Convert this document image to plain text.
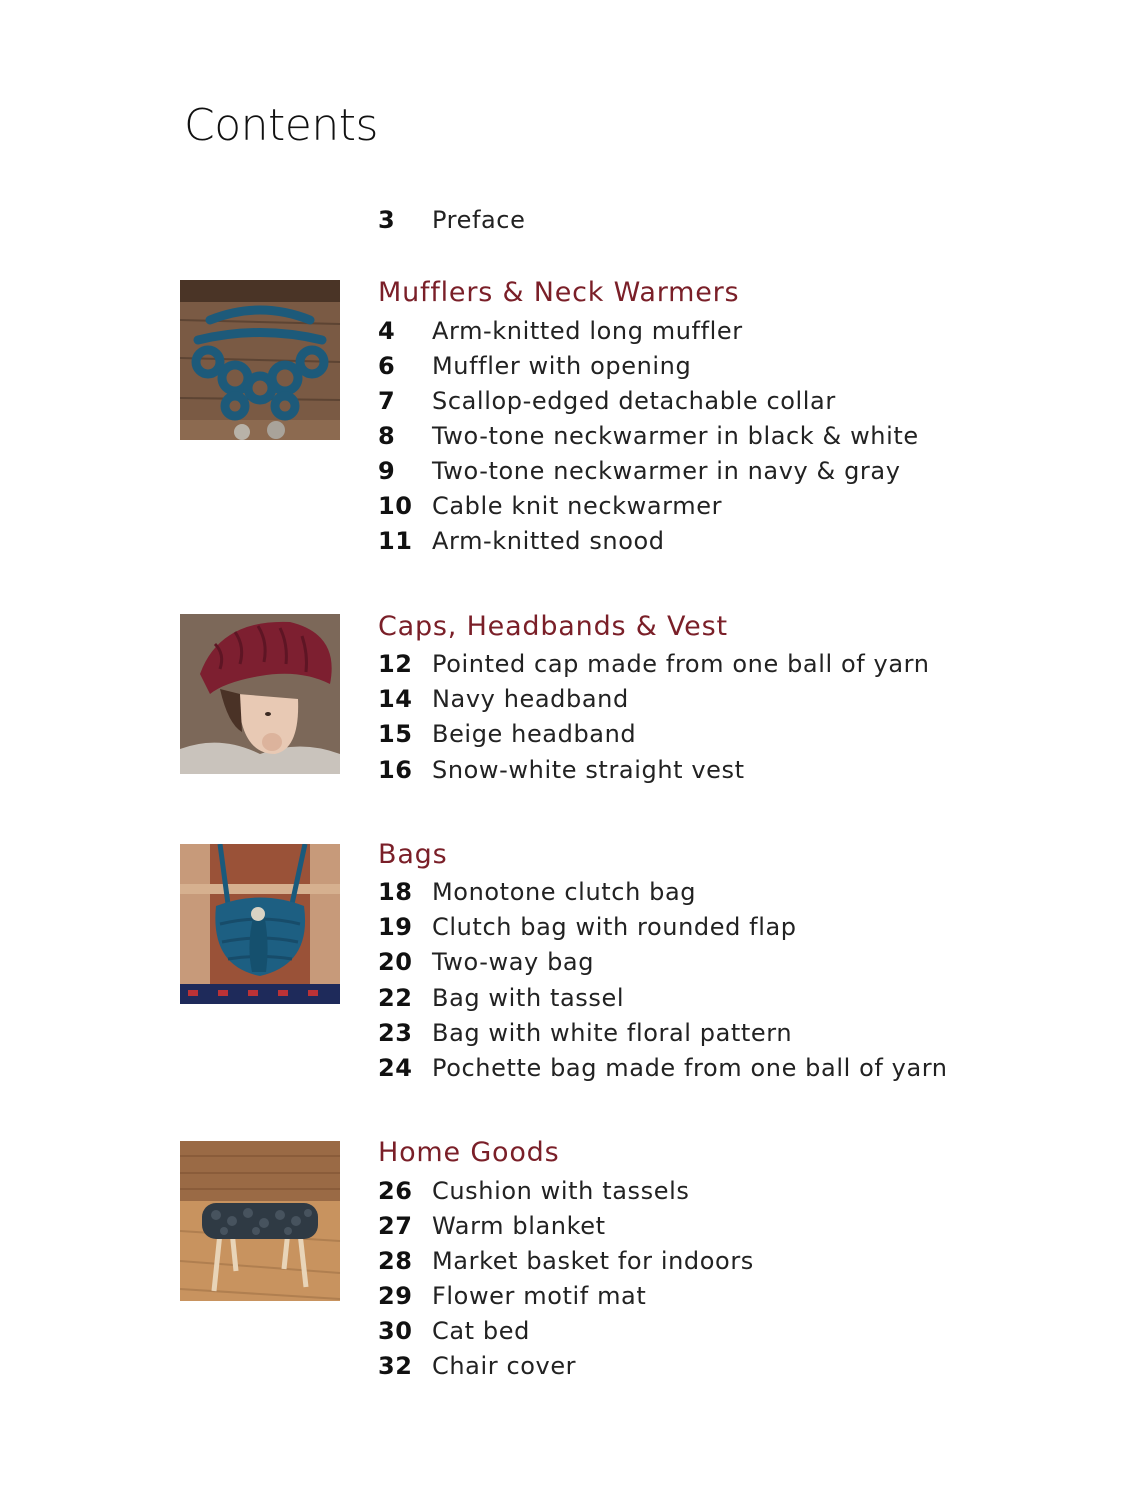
Contents
3 Preface
Mufflers & Neck Warmers
4 Arm-knitted long muffler
6 Muffler with opening
7 Scallop-edged detachable collar
8 Two-tone neckwarmer in black & white
9 Two-tone neckwarmer in navy & gray
10 Cable knit neckwarmer
11 Arm-knitted snood
Caps, Headbands & Vest
12 Pointed cap made from one ball of yarn
14 Navy headband
15 Beige headband
16 Snow-white straight vest
Bags
18 Monotone clutch bag
19 Clutch bag with rounded flap
20 Two-way bag
22 Bag with tassel
23 Bag with white floral pattern
24 Pochette bag made from one ball of yarn
Home Goods
26 Cushion with tassels
27 Warm blanket
28 Market basket for indoors
29 Flower motif mat
30 Cat bed
32 Chair cover
